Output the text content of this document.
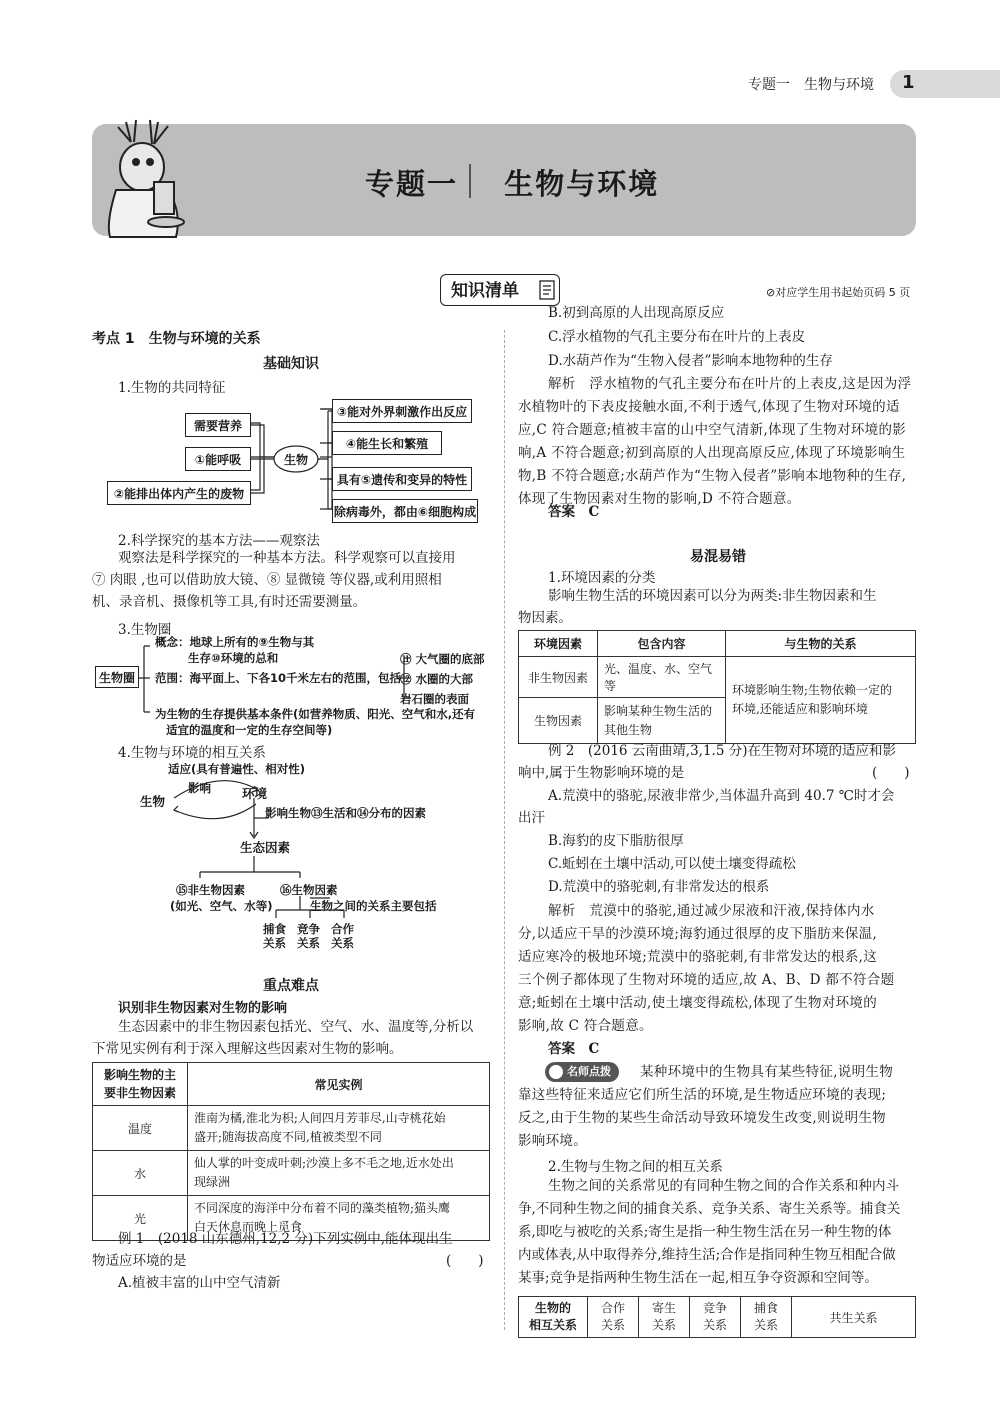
专题一　生物与环境 1
专题一 生物与环境
知识清单	⊘对应学生用书起始页码 5 页
考点 1　生物与环境的关系
基础知识
1.生物的共同特征
需要营养
①能呼吸
②能排出体内产生的废物
生物
③能对外界刺激作出反应
④能生长和繁殖
具有⑤遗传和变异的特性
除病毒外，都由⑥细胞构成
2.科学探究的基本方法——观察法
观察法是科学探究的一种基本方法。科学观察可以直接用
⑦ 肉眼 ,也可以借助放大镜、⑧ 显微镜 等仪器,或利用照相
机、录音机、摄像机等工具,有时还需要测量。
3.生物圈
生物圈
概念：地球上所有的⑨生物与其
生存⑩环境的总和
范围：海平面上、下各10千米左右的范围，包括
⑪ 大气圈的底部
⑫ 水圈的大部
岩石圈的表面
为生物的生存提供基本条件(如营养物质、阳光、空气和水,还有
适宜的温度和一定的生存空间等)
4.生物与环境的相互关系
适应(具有普遍性、相对性)
生物
影响 环境
影响生物⑬生活和⑭分布的因素
生态因素
⑮非生物因素
(如光、空气、水等)
⑯生物因素
生物之间的关系主要包括
捕食
关系
竞争
关系
合作
关系
重点难点
识别非生物因素对生物的影响
生态因素中的非生物因素包括光、空气、水、温度等,分析以
下常见实例有利于深入理解这些因素对生物的影响。
影响生物的主
要非生物因素	常见实例
温度	淮南为橘,淮北为枳;人间四月芳菲尽,山寺桃花始
盛开;随海拔高度不同,植被类型不同
水	仙人掌的叶变成叶刺;沙漠上多不毛之地,近水处出
现绿洲
光	不同深度的海洋中分布着不同的藻类植物;猫头鹰
白天休息而晚上觅食
例 1　(2018 山东德州,12,2 分)下列实例中,能体现出生
物适应环境的是	(　　)
A.植被丰富的山中空气清新
B.初到高原的人出现高原反应
C.浮水植物的气孔主要分布在叶片的上表皮
D.水葫芦作为“生物入侵者”影响本地物种的生存
解析　浮水植物的气孔主要分布在叶片的上表皮,这是因为浮
水植物叶的下表皮接触水面,不利于透气,体现了生物对环境的适
应,C 符合题意;植被丰富的山中空气清新,体现了生物对环境的影
响,A 不符合题意;初到高原的人出现高原反应,体现了环境影响生
物,B 不符合题意;水葫芦作为“生物入侵者”影响本地物种的生存,
体现了生物因素对生物的影响,D 不符合题意。
答案　C
易混易错
1.环境因素的分类
影响生物生活的环境因素可以分为两类:非生物因素和生
物因素。
环境因素	包含内容	与生物的关系
非生物因素	光、温度、水、空气等	环境影响生物;生物依赖一定的
环境,还能适应和影响环境
生物因素	影响某种生物生活的
其他生物	
例 2　(2016 云南曲靖,3,1.5 分)在生物对环境的适应和影
响中,属于生物影响环境的是	(　　)
A.荒漠中的骆驼,尿液非常少,当体温升高到 40.7 ℃时才会
出汗
B.海豹的皮下脂肪很厚
C.蚯蚓在土壤中活动,可以使土壤变得疏松
D.荒漠中的骆驼刺,有非常发达的根系
解析　荒漠中的骆驼,通过减少尿液和汗液,保持体内水
分,以适应干旱的沙漠环境;海豹通过很厚的皮下脂肪来保温,
适应寒冷的极地环境;荒漠中的骆驼刺,有非常发达的根系,这
三个例子都体现了生物对环境的适应,故 A、B、D 都不符合题
意;蚯蚓在土壤中活动,使土壤变得疏松,体现了生物对环境的
影响,故 C 符合题意。
答案　C
名师点拨	某种环境中的生物具有某些特征,说明生物
靠这些特征来适应它们所生活的环境,是生物适应环境的表现;
反之,由于生物的某些生命活动导致环境发生改变,则说明生物
影响环境。
2.生物与生物之间的相互关系
生物之间的关系常见的有同种生物之间的合作关系和种内斗
争,不同种生物之间的捕食关系、竞争关系、寄生关系等。捕食关
系,即吃与被吃的关系;寄生是指一种生物生活在另一种生物的体
内或体表,从中取得养分,维持生活;合作是指同种生物互相配合做
某事;竞争是指两种生物生活在一起,相互争夺资源和空间等。
生物的
相互关系	合作
关系	寄生
关系	竞争
关系	捕食
关系	共生关系
